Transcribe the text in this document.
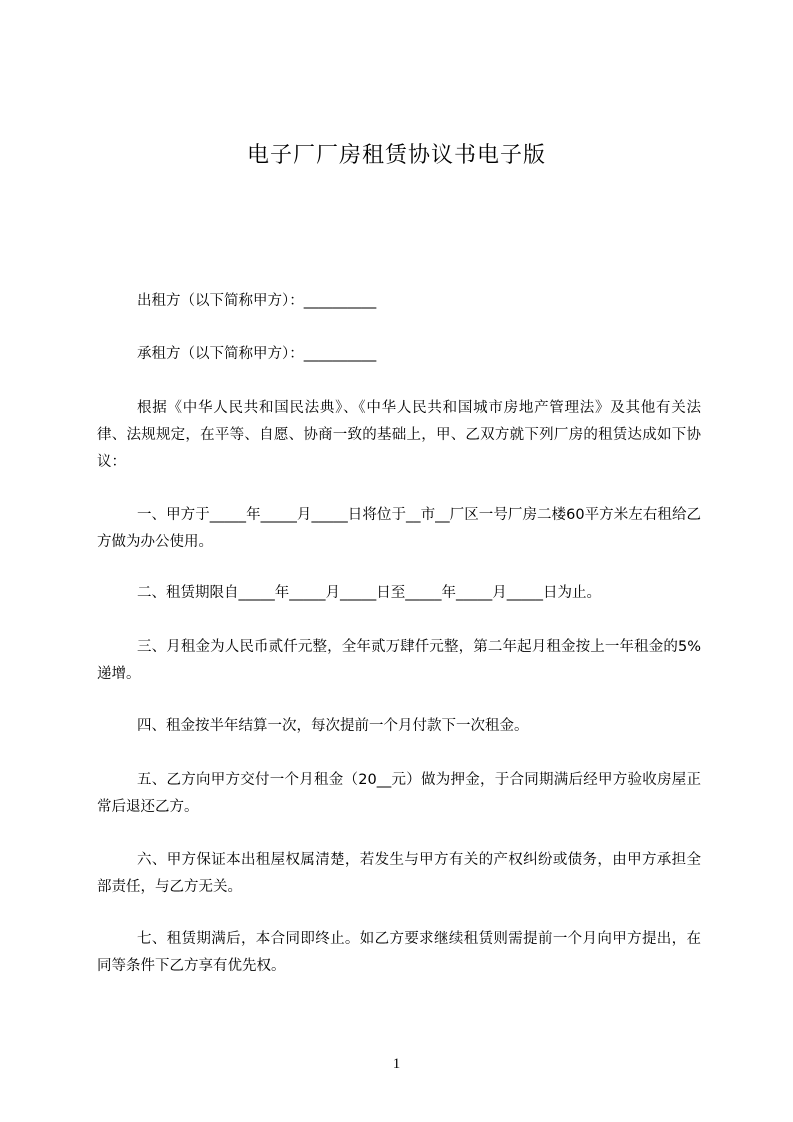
电子厂厂房租赁协议书电子版
出租方（以下简称甲方）：__________
承租方（以下简称甲方）：__________
根据《中华人民共和国民法典》、《中华人民共和国城市房地产管理法》及其他有关法律、法规规定，在平等、自愿、协商一致的基础上，甲、乙双方就下列厂房的租赁达成如下协议：
一、甲方于_____年_____月_____日将位于__市__厂区一号厂房二楼60平方米左右租给乙方做为办公使用。
二、租赁期限自_____年_____月_____日至_____年_____月_____日为止。
三、月租金为人民币贰仟元整，全年贰万肆仟元整，第二年起月租金按上一年租金的5%递增。
四、租金按半年结算一次，每次提前一个月付款下一次租金。
五、乙方向甲方交付一个月租金（20__元）做为押金，于合同期满后经甲方验收房屋正常后退还乙方。
六、甲方保证本出租屋权属清楚，若发生与甲方有关的产权纠纷或债务，由甲方承担全部责任，与乙方无关。
七、租赁期满后，本合同即终止。如乙方要求继续租赁则需提前一个月向甲方提出，在同等条件下乙方享有优先权。
1
